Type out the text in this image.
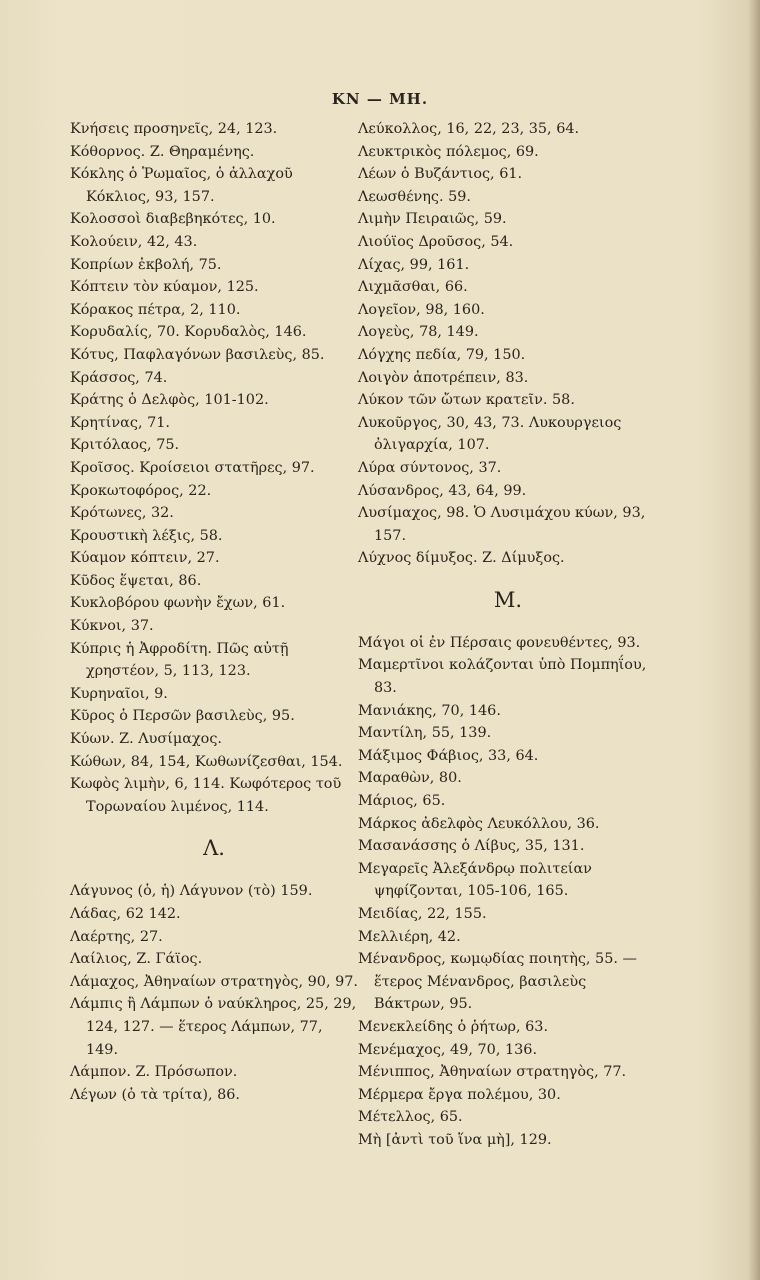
ΚΝ — ΜΗ.

Κνήσεις προσηνεῖς, 24, 123.

Κόθορνος. Ζ. Θηραμένης.

Κόκλης ὁ Ῥωμαῖος, ὁ ἀλλαχοῦ Κόκλιος, 93, 157.

Κολοσσοὶ διαβεβηκότες, 10.

Κολούειν, 42, 43.

Κοπρίων ἐκβολή, 75.

Κόπτειν τὸν κύαμον, 125.

Κόρακος πέτρα, 2, 110.

Κορυδαλίς, 70. Κορυδαλὸς, 146.

Κότυς, Παφλαγόνων βασιλεὺς, 85.

Κράσσος, 74.

Κράτης ὁ Δελφὸς, 101-102.

Κρητίνας, 71.

Κριτόλαος, 75.

Κροῖσος. Κροίσειοι στατῆρες, 97.

Κροκωτοφόρος, 22.

Κρότωνες, 32.

Κρουστικὴ λέξις, 58.

Κύαμον κόπτειν, 27.

Κῦδος ἕψεται, 86.

Κυκλοβόρου φωνὴν ἔχων, 61.

Κύκνοι, 37.

Κύπρις ἡ Ἀφροδίτη. Πῶς αὐτῇ χρηστέον, 5, 113, 123.

Κυρηναῖοι, 9.

Κῦρος ὁ Περσῶν βασιλεὺς, 95.

Κύων. Ζ. Λυσίμαχος.

Κώθων, 84, 154, Κωθωνίζεσθαι, 154.

Κωφὸς λιμὴν, 6, 114. Κωφότερος τοῦ Τορωναίου λιμένος, 114.

Λ.

Λάγυνος (ὁ, ἡ) Λάγυνον (τὸ) 159.

Λάδας, 62 142.

Λαέρτης, 27.

Λαίλιος, Ζ. Γάϊος.

Λάμαχος, Ἀθηναίων στρατηγὸς, 90, 97.

Λάμπις ἢ Λάμπων ὁ ναύκληρος, 25, 29, 124, 127. — ἕτερος Λάμπων, 77, 149.

Λάμπον. Ζ. Πρόσωπον.

Λέγων (ὁ τὰ τρίτα), 86.

Λεύκολλος, 16, 22, 23, 35, 64.

Λευκτρικὸς πόλεμος, 69.

Λέων ὁ Βυζάντιος, 61.

Λεωσθένης. 59.

Λιμὴν Πειραιῶς, 59.

Λιούϊος Δροῦσος, 54.

Λίχας, 99, 161.

Λιχμᾶσθαι, 66.

Λογεῖον, 98, 160.

Λογεὺς, 78, 149.

Λόγχης πεδία, 79, 150.

Λοιγὸν ἀποτρέπειν, 83.

Λύκον τῶν ὤτων κρατεῖν. 58.

Λυκοῦργος, 30, 43, 73. Λυκουργειος ὀλιγαρχία, 107.

Λύρα σύντονος, 37.

Λύσανδρος, 43, 64, 99.

Λυσίμαχος, 98. Ὁ Λυσιμάχου κύων, 93, 157.

Λύχνος δίμυξος. Ζ. Δίμυξος.

Μ.

Μάγοι οἱ ἐν Πέρσαις φονευθέντες, 93.

Μαμερτῖνοι κολάζονται ὑπὸ Πομπηΐου, 83.

Μανιάκης, 70, 146.

Μαντίλη, 55, 139.

Μάξιμος Φάβιος, 33, 64.

Μαραθὼν, 80.

Μάριος, 65.

Μάρκος ἀδελφὸς Λευκόλλου, 36.

Μασανάσσης ὁ Λίβυς, 35, 131.

Μεγαρεῖς Ἀλεξάνδρῳ πολιτείαν ψηφίζονται, 105-106, 165.

Μειδίας, 22, 155.

Μελλιέρη, 42.

Μένανδρος, κωμῳδίας ποιητὴς, 55. — ἕτερος Μένανδρος, βασιλεὺς Βάκτρων, 95.

Μενεκλείδης ὁ ῥήτωρ, 63.

Μενέμαχος, 49, 70, 136.

Μένιππος, Ἀθηναίων στρατηγὸς, 77.

Μέρμερα ἔργα πολέμου, 30.

Μέτελλος, 65.

Μὴ [ἀντὶ τοῦ ἵνα μὴ], 129.
